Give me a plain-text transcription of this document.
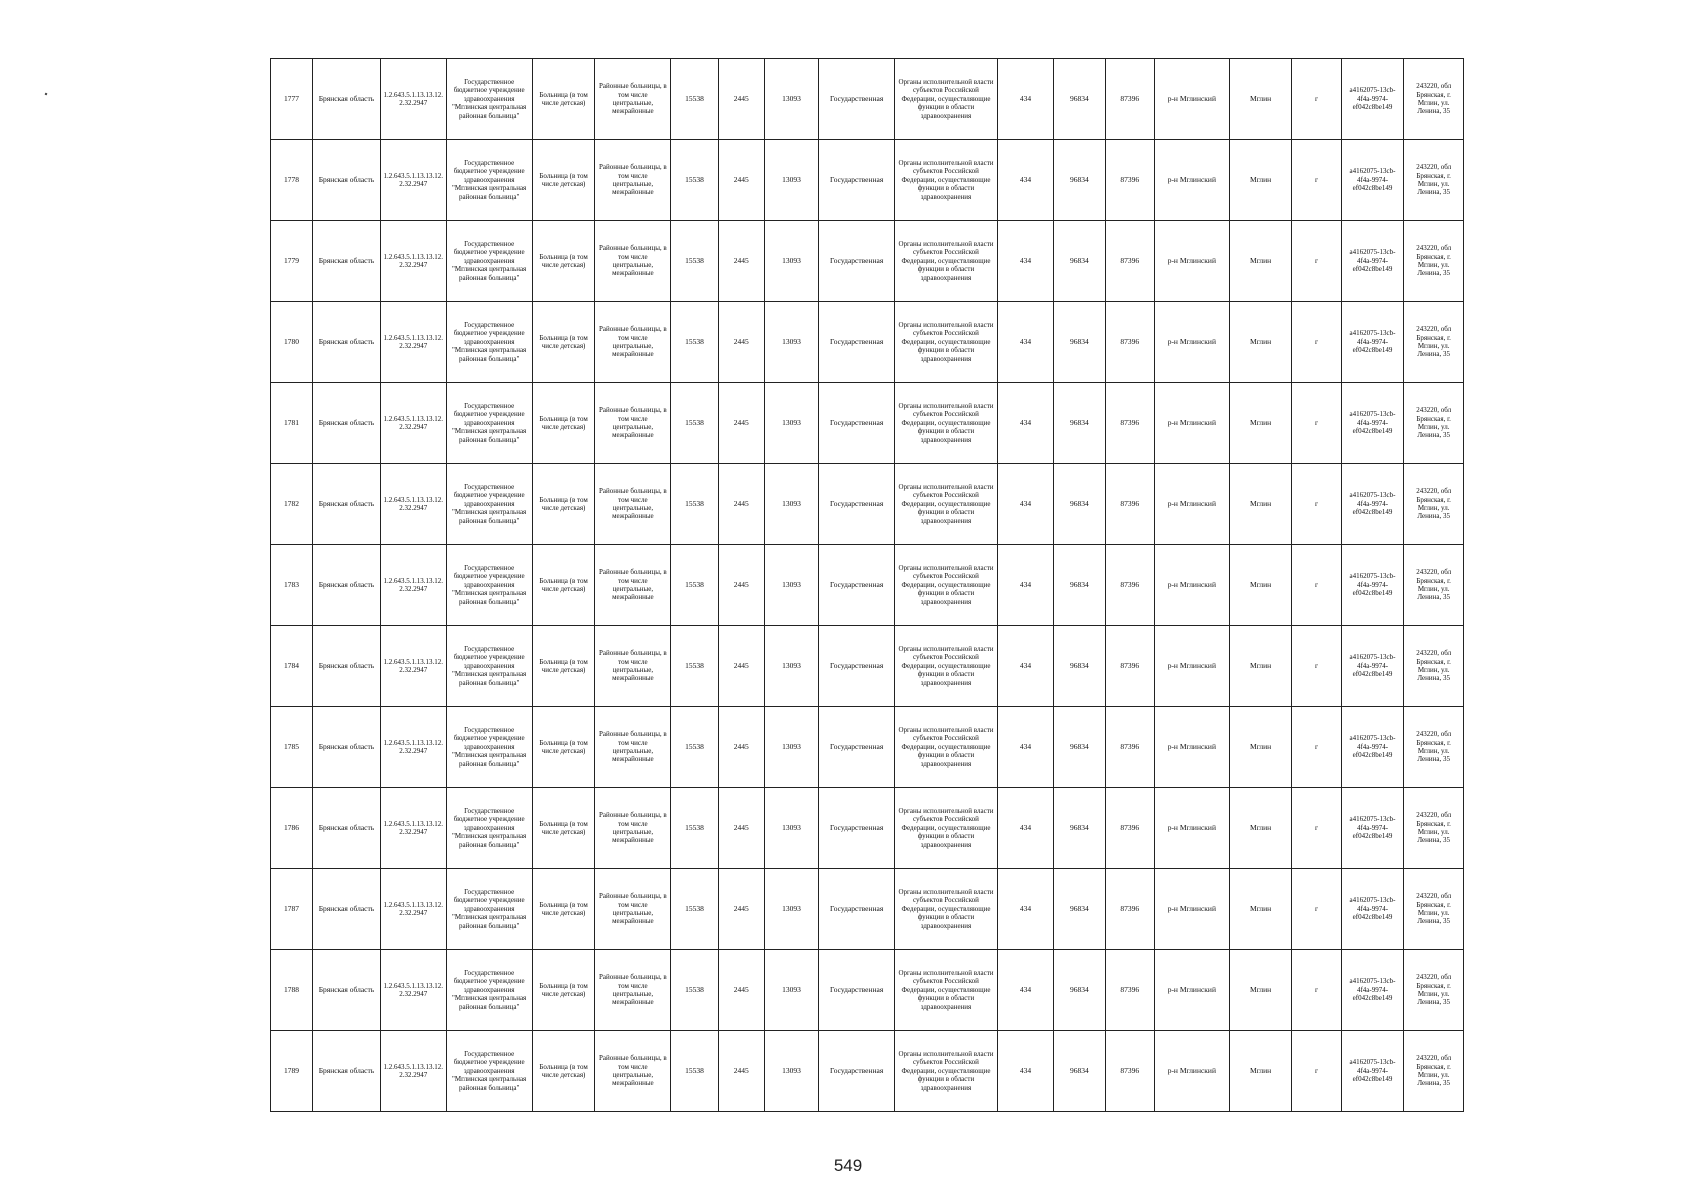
1777	Брянская область	1.2.643.5.1.13.13.12.2.32.2947	Государственное бюджетное учреждение здравоохранения "Мглинская центральная районная больница"	Больница (в том числе детская)	Районные больницы, в том числе центральные, межрайонные	15538	2445	13093	Государственная	Органы исполнительной власти субъектов Российской Федерации, осуществляющие функции в области здравоохранения	434	96834	87396	р-н Мглинский	Мглин	г	a4162075-13cb-4f4a-9974-ef042c8be149	243220, обл Брянская, г. Мглин, ул. Ленина, 35
1778	Брянская область	1.2.643.5.1.13.13.12.2.32.2947	Государственное бюджетное учреждение здравоохранения "Мглинская центральная районная больница"	Больница (в том числе детская)	Районные больницы, в том числе центральные, межрайонные	15538	2445	13093	Государственная	Органы исполнительной власти субъектов Российской Федерации, осуществляющие функции в области здравоохранения	434	96834	87396	р-н Мглинский	Мглин	г	a4162075-13cb-4f4a-9974-ef042c8be149	243220, обл Брянская, г. Мглин, ул. Ленина, 35
1779	Брянская область	1.2.643.5.1.13.13.12.2.32.2947	Государственное бюджетное учреждение здравоохранения "Мглинская центральная районная больница"	Больница (в том числе детская)	Районные больницы, в том числе центральные, межрайонные	15538	2445	13093	Государственная	Органы исполнительной власти субъектов Российской Федерации, осуществляющие функции в области здравоохранения	434	96834	87396	р-н Мглинский	Мглин	г	a4162075-13cb-4f4a-9974-ef042c8be149	243220, обл Брянская, г. Мглин, ул. Ленина, 35
1780	Брянская область	1.2.643.5.1.13.13.12.2.32.2947	Государственное бюджетное учреждение здравоохранения "Мглинская центральная районная больница"	Больница (в том числе детская)	Районные больницы, в том числе центральные, межрайонные	15538	2445	13093	Государственная	Органы исполнительной власти субъектов Российской Федерации, осуществляющие функции в области здравоохранения	434	96834	87396	р-н Мглинский	Мглин	г	a4162075-13cb-4f4a-9974-ef042c8be149	243220, обл Брянская, г. Мглин, ул. Ленина, 35
1781	Брянская область	1.2.643.5.1.13.13.12.2.32.2947	Государственное бюджетное учреждение здравоохранения "Мглинская центральная районная больница"	Больница (в том числе детская)	Районные больницы, в том числе центральные, межрайонные	15538	2445	13093	Государственная	Органы исполнительной власти субъектов Российской Федерации, осуществляющие функции в области здравоохранения	434	96834	87396	р-н Мглинский	Мглин	г	a4162075-13cb-4f4a-9974-ef042c8be149	243220, обл Брянская, г. Мглин, ул. Ленина, 35
1782	Брянская область	1.2.643.5.1.13.13.12.2.32.2947	Государственное бюджетное учреждение здравоохранения "Мглинская центральная районная больница"	Больница (в том числе детская)	Районные больницы, в том числе центральные, межрайонные	15538	2445	13093	Государственная	Органы исполнительной власти субъектов Российской Федерации, осуществляющие функции в области здравоохранения	434	96834	87396	р-н Мглинский	Мглин	г	a4162075-13cb-4f4a-9974-ef042c8be149	243220, обл Брянская, г. Мглин, ул. Ленина, 35
1783	Брянская область	1.2.643.5.1.13.13.12.2.32.2947	Государственное бюджетное учреждение здравоохранения "Мглинская центральная районная больница"	Больница (в том числе детская)	Районные больницы, в том числе центральные, межрайонные	15538	2445	13093	Государственная	Органы исполнительной власти субъектов Российской Федерации, осуществляющие функции в области здравоохранения	434	96834	87396	р-н Мглинский	Мглин	г	a4162075-13cb-4f4a-9974-ef042c8be149	243220, обл Брянская, г. Мглин, ул. Ленина, 35
1784	Брянская область	1.2.643.5.1.13.13.12.2.32.2947	Государственное бюджетное учреждение здравоохранения "Мглинская центральная районная больница"	Больница (в том числе детская)	Районные больницы, в том числе центральные, межрайонные	15538	2445	13093	Государственная	Органы исполнительной власти субъектов Российской Федерации, осуществляющие функции в области здравоохранения	434	96834	87396	р-н Мглинский	Мглин	г	a4162075-13cb-4f4a-9974-ef042c8be149	243220, обл Брянская, г. Мглин, ул. Ленина, 35
1785	Брянская область	1.2.643.5.1.13.13.12.2.32.2947	Государственное бюджетное учреждение здравоохранения "Мглинская центральная районная больница"	Больница (в том числе детская)	Районные больницы, в том числе центральные, межрайонные	15538	2445	13093	Государственная	Органы исполнительной власти субъектов Российской Федерации, осуществляющие функции в области здравоохранения	434	96834	87396	р-н Мглинский	Мглин	г	a4162075-13cb-4f4a-9974-ef042c8be149	243220, обл Брянская, г. Мглин, ул. Ленина, 35
1786	Брянская область	1.2.643.5.1.13.13.12.2.32.2947	Государственное бюджетное учреждение здравоохранения "Мглинская центральная районная больница"	Больница (в том числе детская)	Районные больницы, в том числе центральные, межрайонные	15538	2445	13093	Государственная	Органы исполнительной власти субъектов Российской Федерации, осуществляющие функции в области здравоохранения	434	96834	87396	р-н Мглинский	Мглин	г	a4162075-13cb-4f4a-9974-ef042c8be149	243220, обл Брянская, г. Мглин, ул. Ленина, 35
1787	Брянская область	1.2.643.5.1.13.13.12.2.32.2947	Государственное бюджетное учреждение здравоохранения "Мглинская центральная районная больница"	Больница (в том числе детская)	Районные больницы, в том числе центральные, межрайонные	15538	2445	13093	Государственная	Органы исполнительной власти субъектов Российской Федерации, осуществляющие функции в области здравоохранения	434	96834	87396	р-н Мглинский	Мглин	г	a4162075-13cb-4f4a-9974-ef042c8be149	243220, обл Брянская, г. Мглин, ул. Ленина, 35
1788	Брянская область	1.2.643.5.1.13.13.12.2.32.2947	Государственное бюджетное учреждение здравоохранения "Мглинская центральная районная больница"	Больница (в том числе детская)	Районные больницы, в том числе центральные, межрайонные	15538	2445	13093	Государственная	Органы исполнительной власти субъектов Российской Федерации, осуществляющие функции в области здравоохранения	434	96834	87396	р-н Мглинский	Мглин	г	a4162075-13cb-4f4a-9974-ef042c8be149	243220, обл Брянская, г. Мглин, ул. Ленина, 35
1789	Брянская область	1.2.643.5.1.13.13.12.2.32.2947	Государственное бюджетное учреждение здравоохранения "Мглинская центральная районная больница"	Больница (в том числе детская)	Районные больницы, в том числе центральные, межрайонные	15538	2445	13093	Государственная	Органы исполнительной власти субъектов Российской Федерации, осуществляющие функции в области здравоохранения	434	96834	87396	р-н Мглинский	Мглин	г	a4162075-13cb-4f4a-9974-ef042c8be149	243220, обл Брянская, г. Мглин, ул. Ленина, 35
549
